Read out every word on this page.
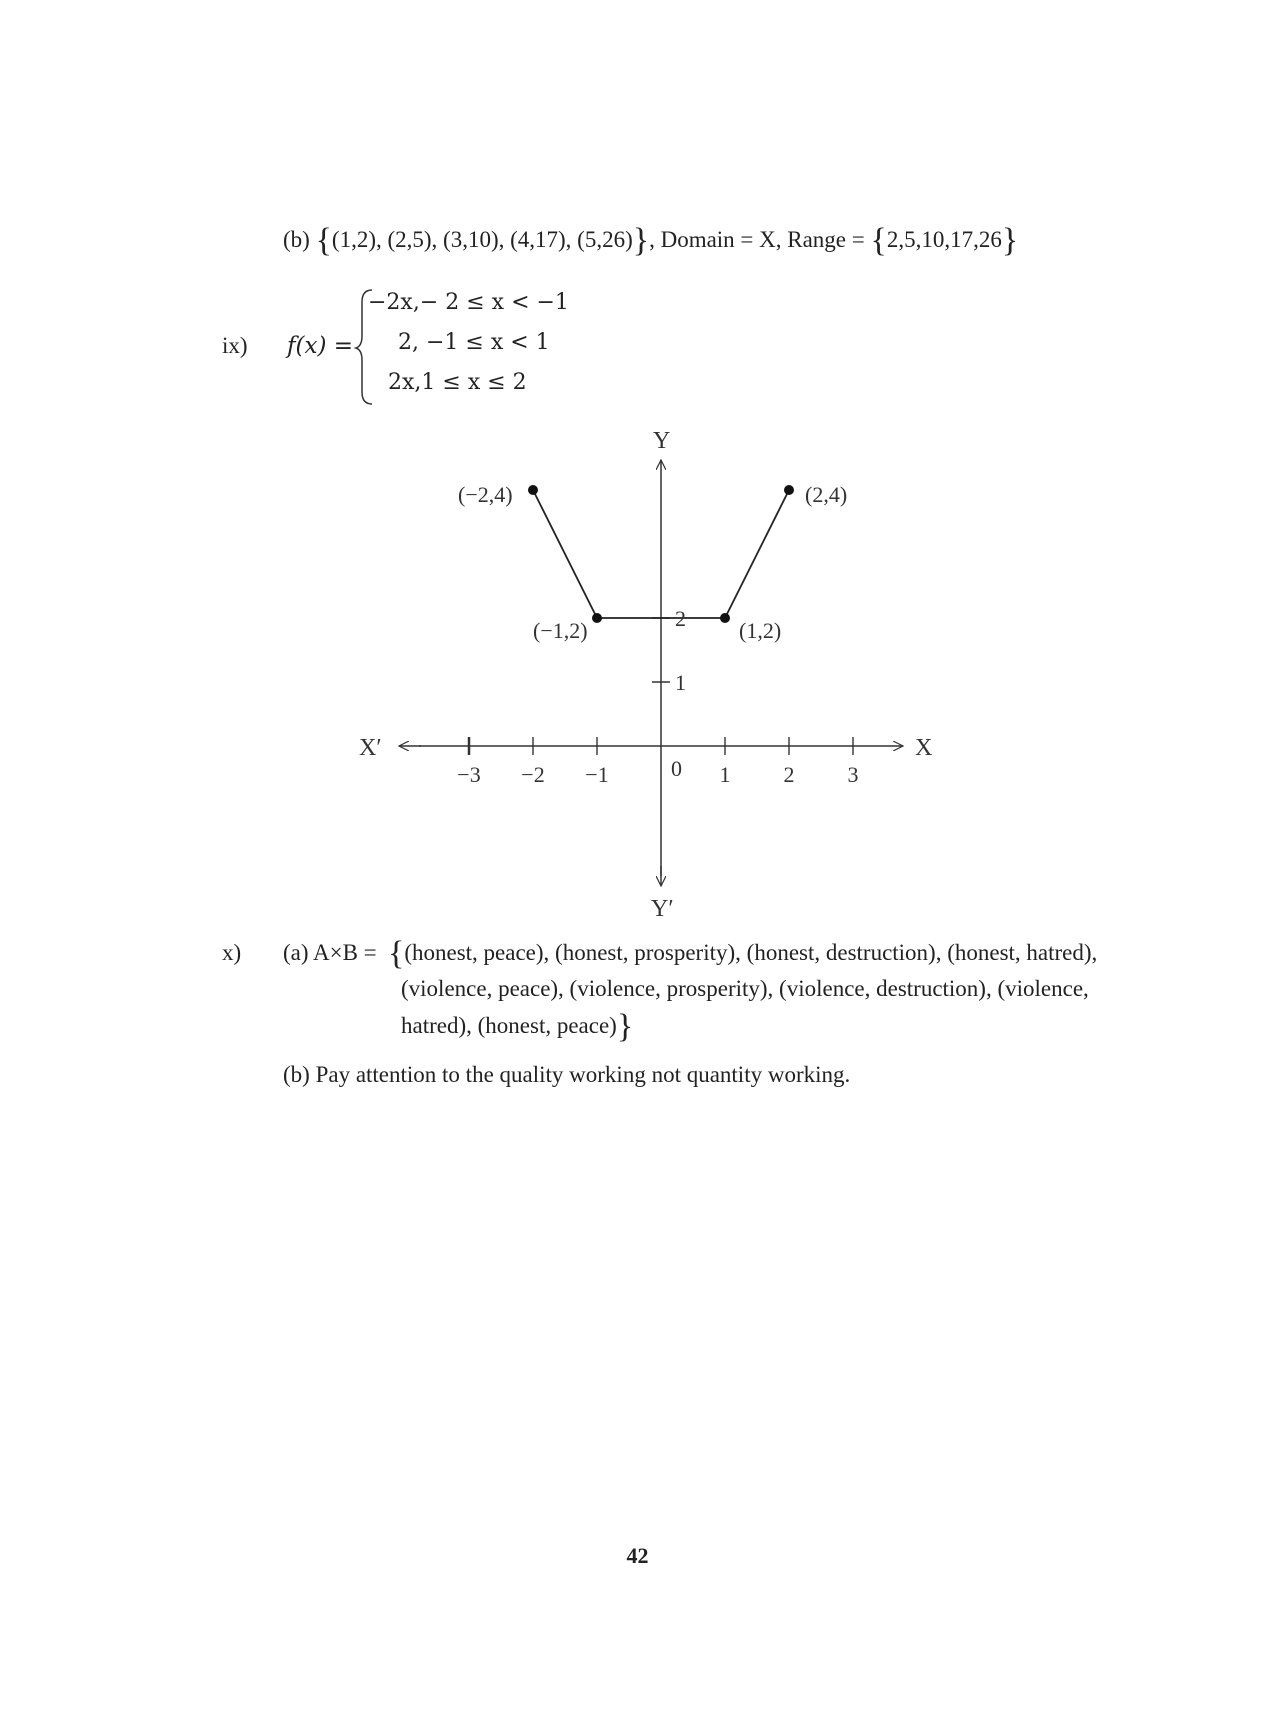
(b) {(1,2), (2,5), (3,10), (4,17), (5,26)}, Domain = X, Range = {2,5,10,17,26}
ix) f(x) =
−2x,− 2 ≤ x < −1
2, −1 ≤ x < 1
2x,1 ≤ x ≤ 2
X
X′
Y
Y′
−3 −2 −1	1 2 3
1
2
0
(−2,4)
(−1,2)	(1,2)
(2,4)
x) (a) A×B = {(honest, peace), (honest, prosperity), (honest, destruction), (honest, hatred),
(violence, peace), (violence, prosperity), (violence, destruction), (violence,
hatred), (honest, peace)}
(b) Pay attention to the quality working not quantity working.
42
